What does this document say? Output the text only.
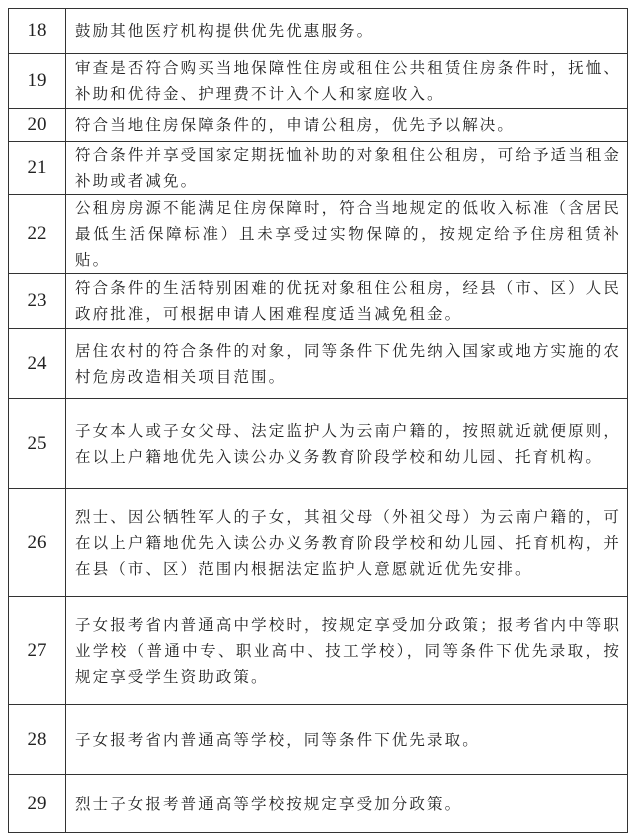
18	鼓励其他医疗机构提供优先优惠服务。
19	审查是否符合购买当地保障性住房或租住公共租赁住房条件时，抚恤、补助和优待金、护理费不计入个人和家庭收入。
20	符合当地住房保障条件的，申请公租房，优先予以解决。
21	符合条件并享受国家定期抚恤补助的对象租住公租房，可给予适当租金补助或者减免。
22	公租房房源不能满足住房保障时，符合当地规定的低收入标准（含居民最低生活保障标准）且未享受过实物保障的，按规定给予住房租赁补贴。
23	符合条件的生活特别困难的优抚对象租住公租房，经县（市、区）人民政府批准，可根据申请人困难程度适当减免租金。
24	居住农村的符合条件的对象，同等条件下优先纳入国家或地方实施的农村危房改造相关项目范围。
25	子女本人或子女父母、法定监护人为云南户籍的，按照就近就便原则，在以上户籍地优先入读公办义务教育阶段学校和幼儿园、托育机构。
26	烈士、因公牺牲军人的子女，其祖父母（外祖父母）为云南户籍的，可在以上户籍地优先入读公办义务教育阶段学校和幼儿园、托育机构，并在县（市、区）范围内根据法定监护人意愿就近优先安排。
27	子女报考省内普通高中学校时，按规定享受加分政策；报考省内中等职业学校（普通中专、职业高中、技工学校），同等条件下优先录取，按规定享受学生资助政策。
28	子女报考省内普通高等学校，同等条件下优先录取。
29	烈士子女报考普通高等学校按规定享受加分政策。
